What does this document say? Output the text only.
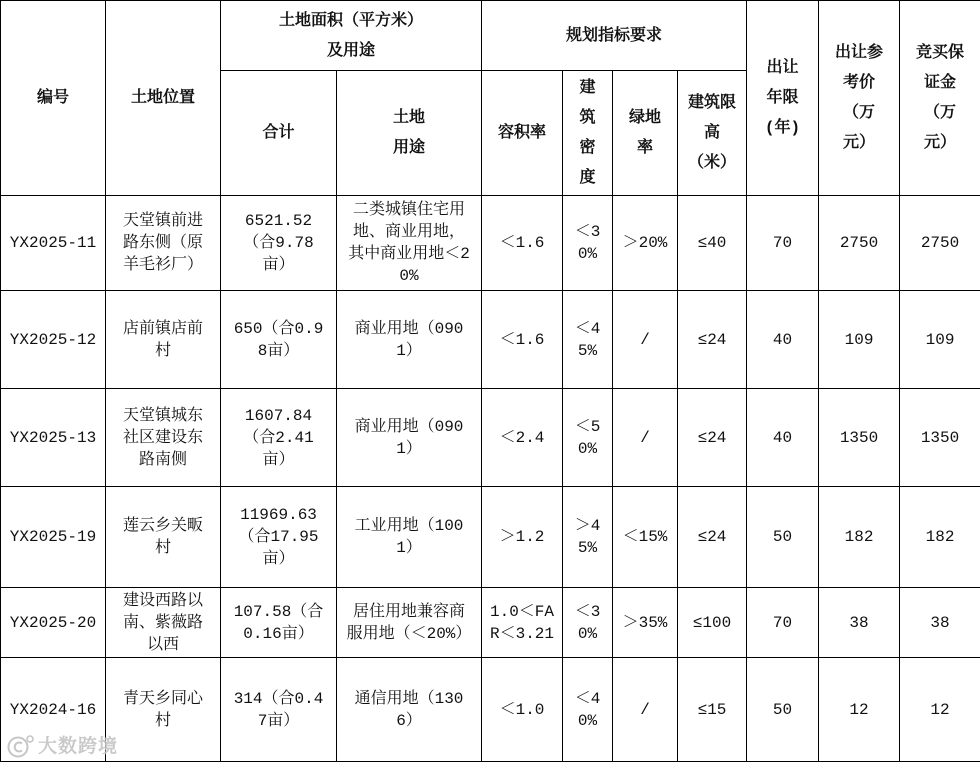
编号	土地位置	土地面积（平方米）及用途		规划指标要求				出让年限(年)	出让参考价（万元）	竞买保证金（万元）
		合计	土地用途	容积率	建筑密度	绿地率	建筑限高（米）			
YX2025-11	天堂镇前进路东侧（原羊毛衫厂）	6521.52（合9.78亩）	二类城镇住宅用地、商业用地，其中商业用地＜20%	＜1.6	＜30%	＞20%	≤40	70	2750	2750
YX2025-12	店前镇店前村	650（合0.98亩）	商业用地（0901）	＜1.6	＜45%	/	≤24	40	109	109
YX2025-13	天堂镇城东社区建设东路南侧	1607.84（合2.41亩）	商业用地（0901）	＜2.4	＜50%	/	≤24	40	1350	1350
YX2025-19	莲云乡关畈村	11969.63（合17.95亩）	工业用地（1001）	＞1.2	＞45%	＜15%	≤24	50	182	182
YX2025-20	建设西路以南、紫薇路以西	107.58（合0.16亩）	居住用地兼容商服用地（＜20%）	1.0＜FAR＜3.21	＜30%	＞35%	≤100	70	38	38
YX2024-16	青天乡同心村	314（合0.47亩）	通信用地（1306）	＜1.0	＜40%	/	≤15	50	12	12
大数跨境
